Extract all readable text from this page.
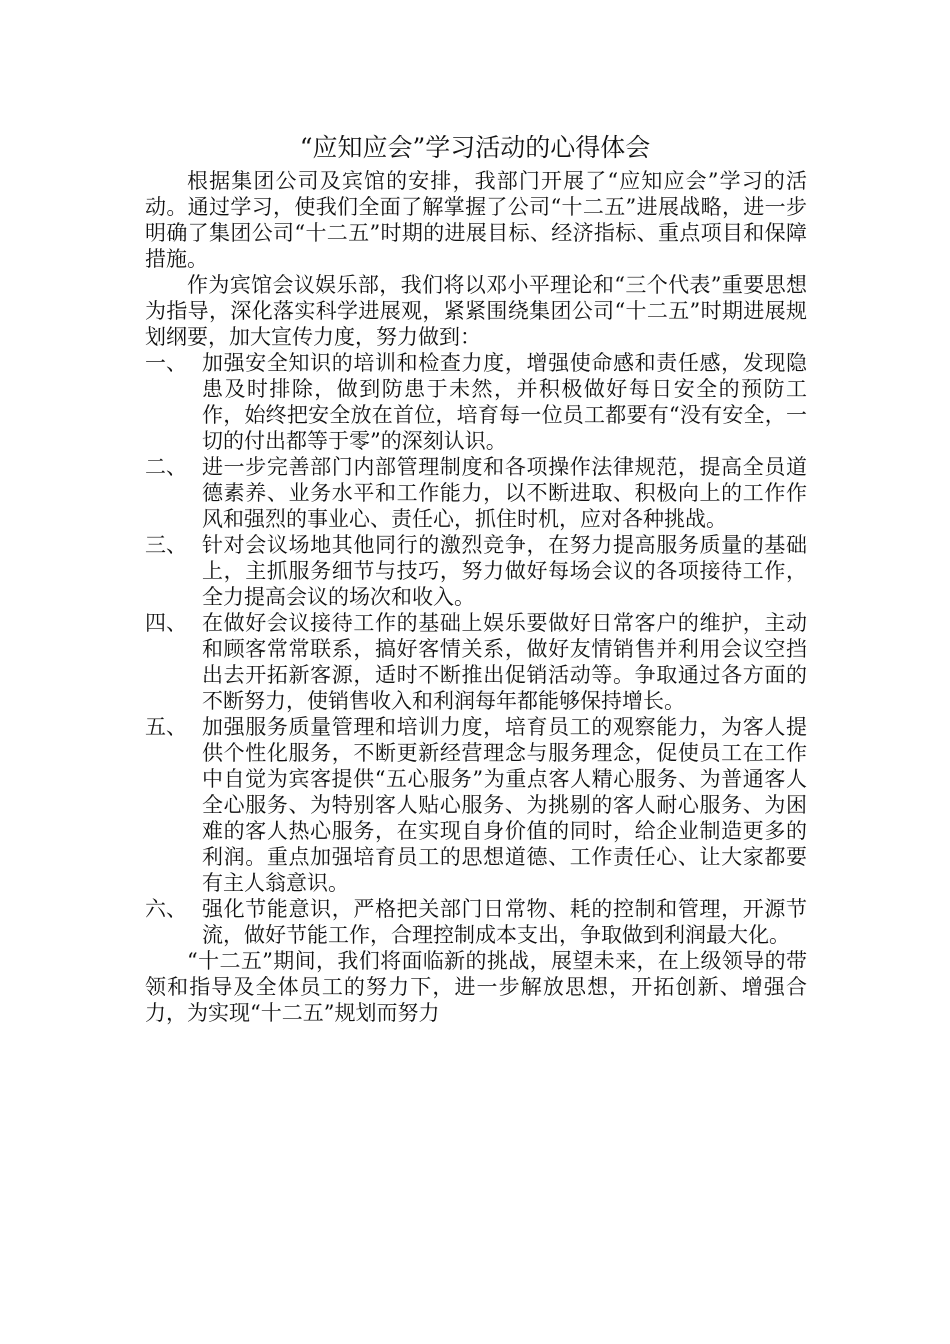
“应知应会”学习活动的心得体会

根据集团公司及宾馆的安排，我部门开展了“应知应会”学习的活动。通过学习，使我们全面了解掌握了公司“十二五”进展战略，进一步明确了集团公司“十二五”时期的进展目标、经济指标、重点项目和保障措施。

作为宾馆会议娱乐部，我们将以邓小平理论和“三个代表”重要思想为指导，深化落实科学进展观，紧紧围绕集团公司“十二五”时期进展规划纲要，加大宣传力度，努力做到：

一、 加强安全知识的培训和检查力度，增强使命感和责任感，发现隐患及时排除，做到防患于未然，并积极做好每日安全的预防工作，始终把安全放在首位，培育每一位员工都要有“没有安全，一切的付出都等于零”的深刻认识。
二、 进一步完善部门内部管理制度和各项操作法律规范，提高全员道德素养、业务水平和工作能力，以不断进取、积极向上的工作作风和强烈的事业心、责任心，抓住时机，应对各种挑战。
三、 针对会议场地其他同行的激烈竞争，在努力提高服务质量的基础上，主抓服务细节与技巧，努力做好每场会议的各项接待工作，全力提高会议的场次和收入。
四、 在做好会议接待工作的基础上娱乐要做好日常客户的维护，主动和顾客常常联系，搞好客情关系，做好友情销售并利用会议空挡出去开拓新客源，适时不断推出促销活动等。争取通过各方面的不断努力，使销售收入和利润每年都能够保持增长。
五、 加强服务质量管理和培训力度，培育员工的观察能力，为客人提供个性化服务，不断更新经营理念与服务理念，促使员工在工作中自觉为宾客提供“五心服务”为重点客人精心服务、为普通客人全心服务、为特别客人贴心服务、为挑剔的客人耐心服务、为困难的客人热心服务，在实现自身价值的同时，给企业制造更多的利润。重点加强培育员工的思想道德、工作责任心、让大家都要有主人翁意识。
六、 强化节能意识，严格把关部门日常物、耗的控制和管理，开源节流，做好节能工作，合理控制成本支出，争取做到利润最大化。

“十二五”期间，我们将面临新的挑战，展望未来，在上级领导的带领和指导及全体员工的努力下，进一步解放思想，开拓创新、增强合力，为实现“十二五”规划而努力
